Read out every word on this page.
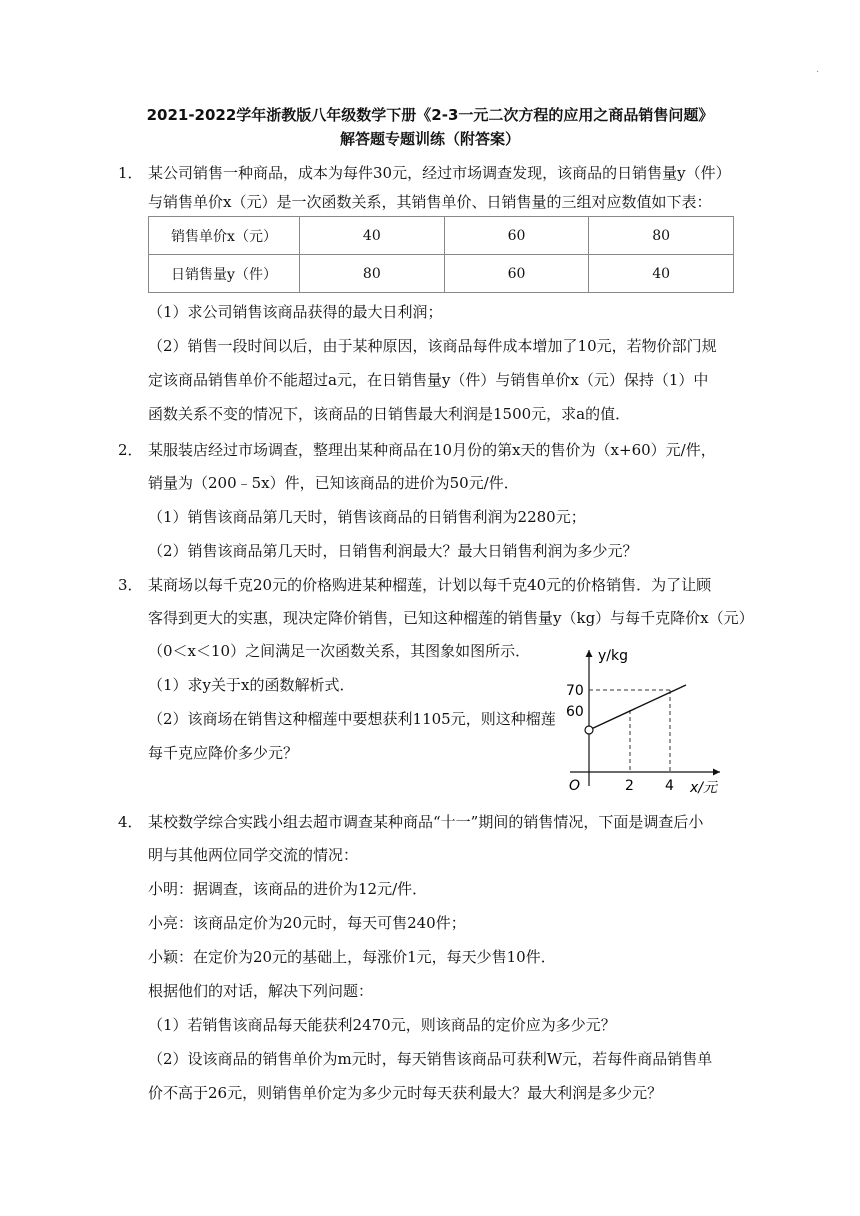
.
2021-2022学年浙教版八年级数学下册《2-3一元二次方程的应用之商品销售问题》
解答题专题训练（附答案）
1． 某公司销售一种商品，成本为每件30元，经过市场调查发现，该商品的日销售量y（件）
与销售单价x（元）是一次函数关系，其销售单价、日销售量的三组对应数值如下表：
销售单价x（元）	40	60	80
日销售量y（件）	80	60	40
（1）求公司销售该商品获得的最大日利润；
（2）销售一段时间以后，由于某种原因，该商品每件成本增加了10元，若物价部门规
定该商品销售单价不能超过a元，在日销售量y（件）与销售单价x（元）保持（1）中
函数关系不变的情况下，该商品的日销售最大利润是1500元，求a的值．
2． 某服装店经过市场调查，整理出某种商品在10月份的第x天的售价为（x+60）元/件，
销量为（200﹣5x）件，已知该商品的进价为50元/件．
（1）销售该商品第几天时，销售该商品的日销售利润为2280元；
（2）销售该商品第几天时，日销售利润最大？最大日销售利润为多少元？
3． 某商场以每千克20元的价格购进某种榴莲，计划以每千克40元的价格销售．为了让顾
客得到更大的实惠，现决定降价销售，已知这种榴莲的销售量y（kg）与每千克降价x（元）
（0＜x＜10）之间满足一次函数关系，其图象如图所示．
（1）求y关于x的函数解析式．
（2）该商场在销售这种榴莲中要想获利1105元，则这种榴莲
每千克应降价多少元？
y/kg
x/元
O
70
60
2 4
4． 某校数学综合实践小组去超市调查某种商品“十一”期间的销售情况，下面是调查后小
明与其他两位同学交流的情况：
小明：据调查，该商品的进价为12元/件．
小亮：该商品定价为20元时，每天可售240件；
小颖：在定价为20元的基础上，每涨价1元，每天少售10件．
根据他们的对话，解决下列问题：
（1）若销售该商品每天能获利2470元，则该商品的定价应为多少元？
（2）设该商品的销售单价为m元时，每天销售该商品可获利W元，若每件商品销售单
价不高于26元，则销售单价定为多少元时每天获利最大？最大利润是多少元？
